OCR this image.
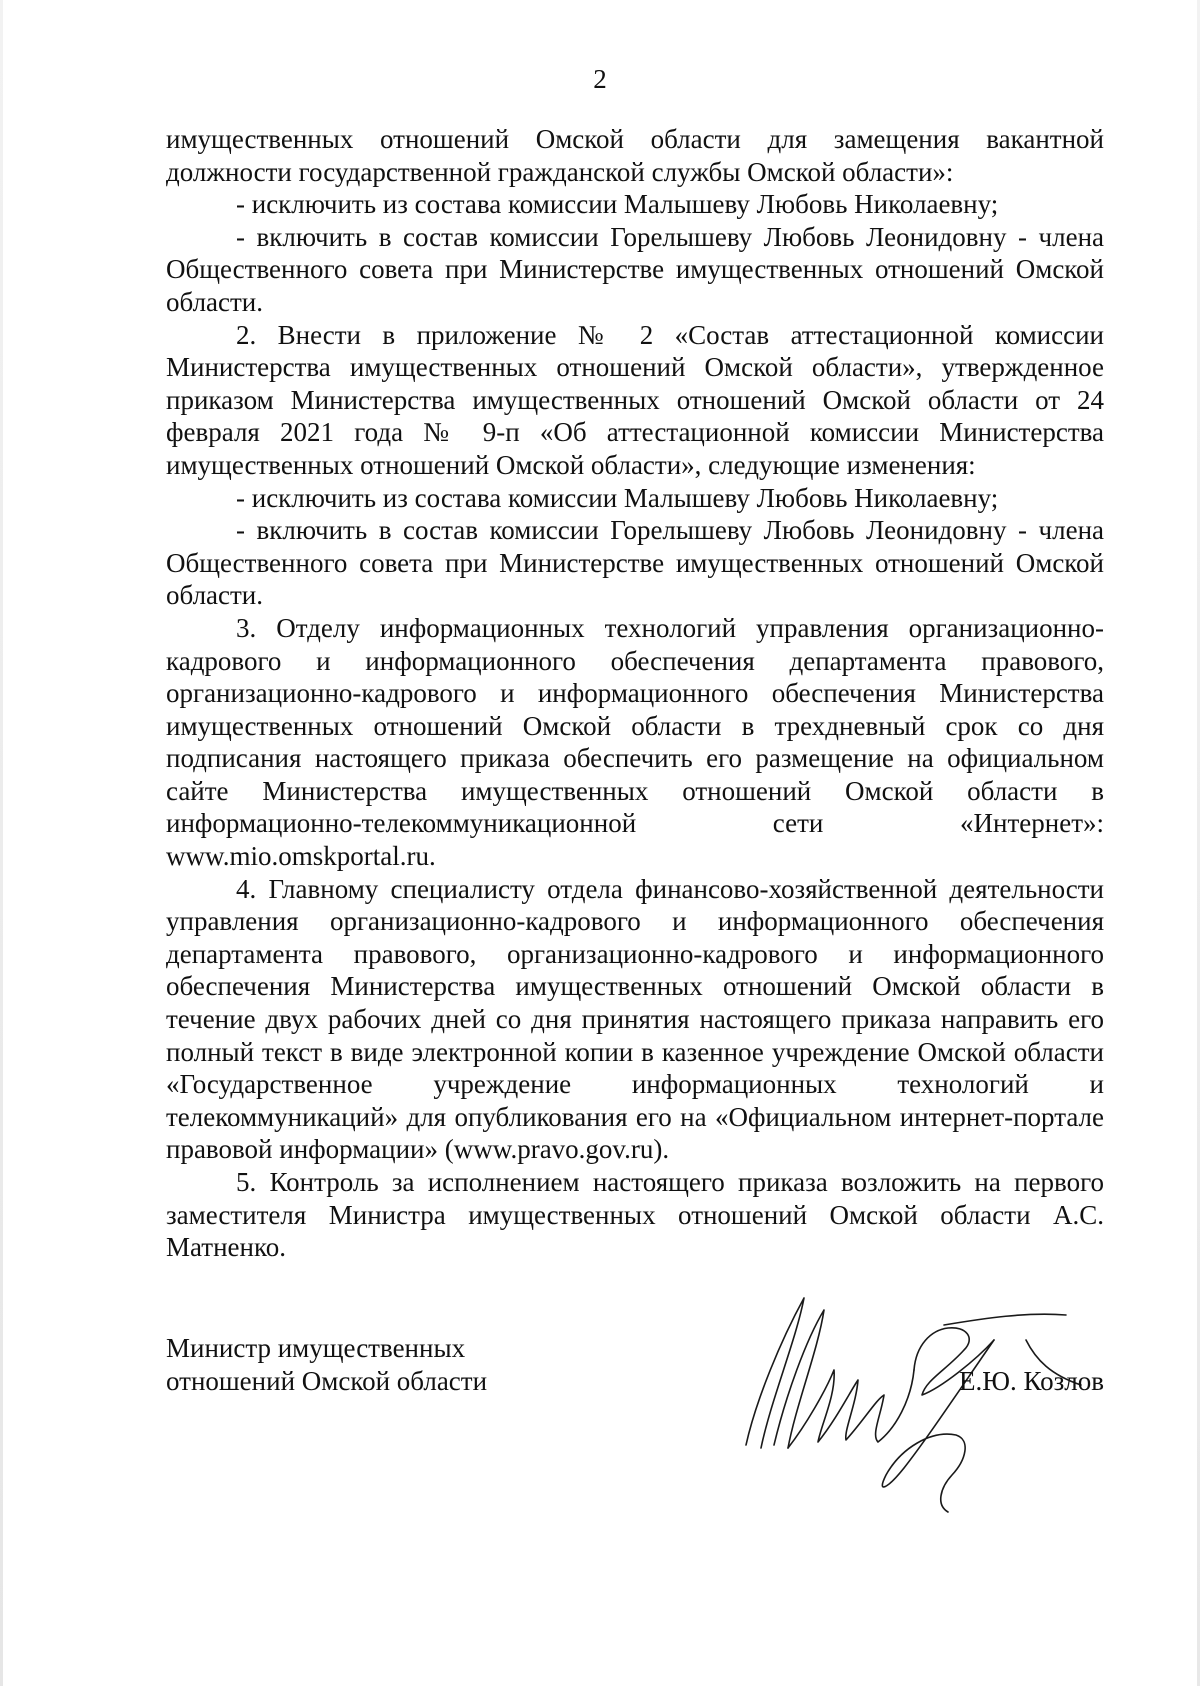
2

имущественных отношений Омской области для замещения вакантной должности государственной гражданской службы Омской области»:

- исключить из состава комиссии Малышеву Любовь Николаевну;

- включить в состав комиссии Горелышеву Любовь Леонидовну - члена Общественного совета при Министерстве имущественных отношений Омской области.

2. Внести в приложение № 2 «Состав аттестационной комиссии Министерства имущественных отношений Омской области», утвержденное приказом Министерства имущественных отношений Омской области от 24 февраля 2021 года № 9-п «Об аттестационной комиссии Министерства имущественных отношений Омской области», следующие изменения:

- исключить из состава комиссии Малышеву Любовь Николаевну;

- включить в состав комиссии Горелышеву Любовь Леонидовну - члена Общественного совета при Министерстве имущественных отношений Омской области.

3. Отделу информационных технологий управления организационно-кадрового и информационного обеспечения департамента правового, организационно-кадрового и информационного обеспечения Министерства имущественных отношений Омской области в трехдневный срок со дня подписания настоящего приказа обеспечить его размещение на официальном сайте Министерства имущественных отношений Омской области в информационно-телекоммуникационной сети «Интернет»: www.mio.omskportal.ru.

4. Главному специалисту отдела финансово-хозяйственной деятельности управления организационно-кадрового и информационного обеспечения департамента правового, организационно-кадрового и информационного обеспечения Министерства имущественных отношений Омской области в течение двух рабочих дней со дня принятия настоящего приказа направить его полный текст в виде электронной копии в казенное учреждение Омской области «Государственное учреждение информационных технологий и телекоммуникаций» для опубликования его на «Официальном интернет-портале правовой информации» (www.pravo.gov.ru).

5. Контроль за исполнением настоящего приказа возложить на первого заместителя Министра имущественных отношений Омской области А.С. Матненко.

Министр имущественных
отношений Омской области	Е.Ю. Козлов
